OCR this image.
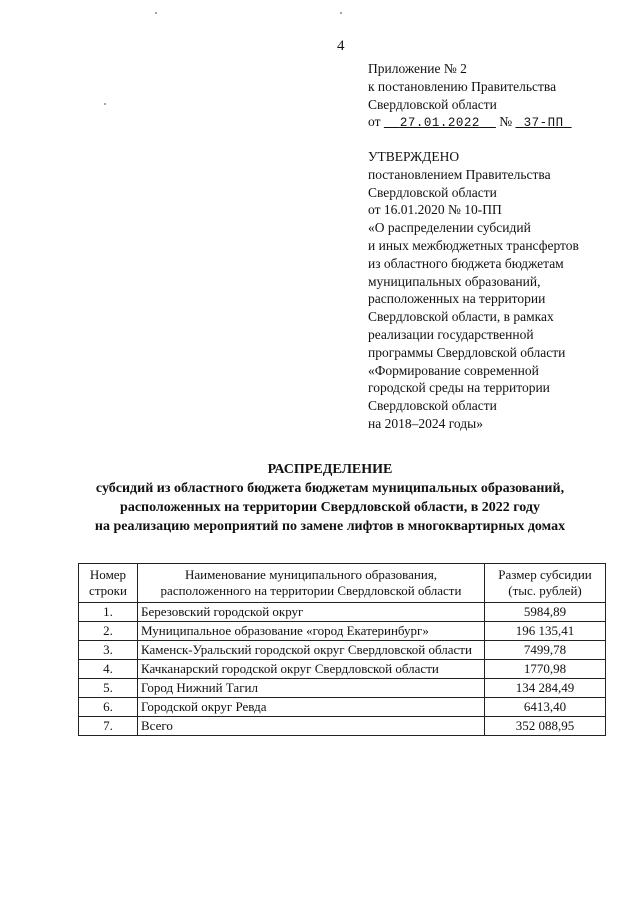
4
Приложение № 2
к постановлению Правительства
Свердловской области
от 27.01.2022 № 37-ПП
УТВЕРЖДЕНО
постановлением Правительства
Свердловской области
от 16.01.2020 № 10-ПП
«О распределении субсидий
и иных межбюджетных трансфертов
из областного бюджета бюджетам
муниципальных образований,
расположенных на территории
Свердловской области, в рамках
реализации государственной
программы Свердловской области
«Формирование современной
городской среды на территории
Свердловской области
на 2018–2024 годы»
РАСПРЕДЕЛЕНИЕ
субсидий из областного бюджета бюджетам муниципальных образований,
расположенных на территории Свердловской области, в 2022 году
на реализацию мероприятий по замене лифтов в многоквартирных домах
Номер строки	Наименование муниципального образования, расположенного на территории Свердловской области	Размер субсидии (тыс. рублей)
1.	Березовский городской округ	5984,89
2.	Муниципальное образование «город Екатеринбург»	196 135,41
3.	Каменск-Уральский городской округ Свердловской области	7499,78
4.	Качканарский городской округ Свердловской области	1770,98
5.	Город Нижний Тагил	134 284,49
6.	Городской округ Ревда	6413,40
7.	Всего	352 088,95
